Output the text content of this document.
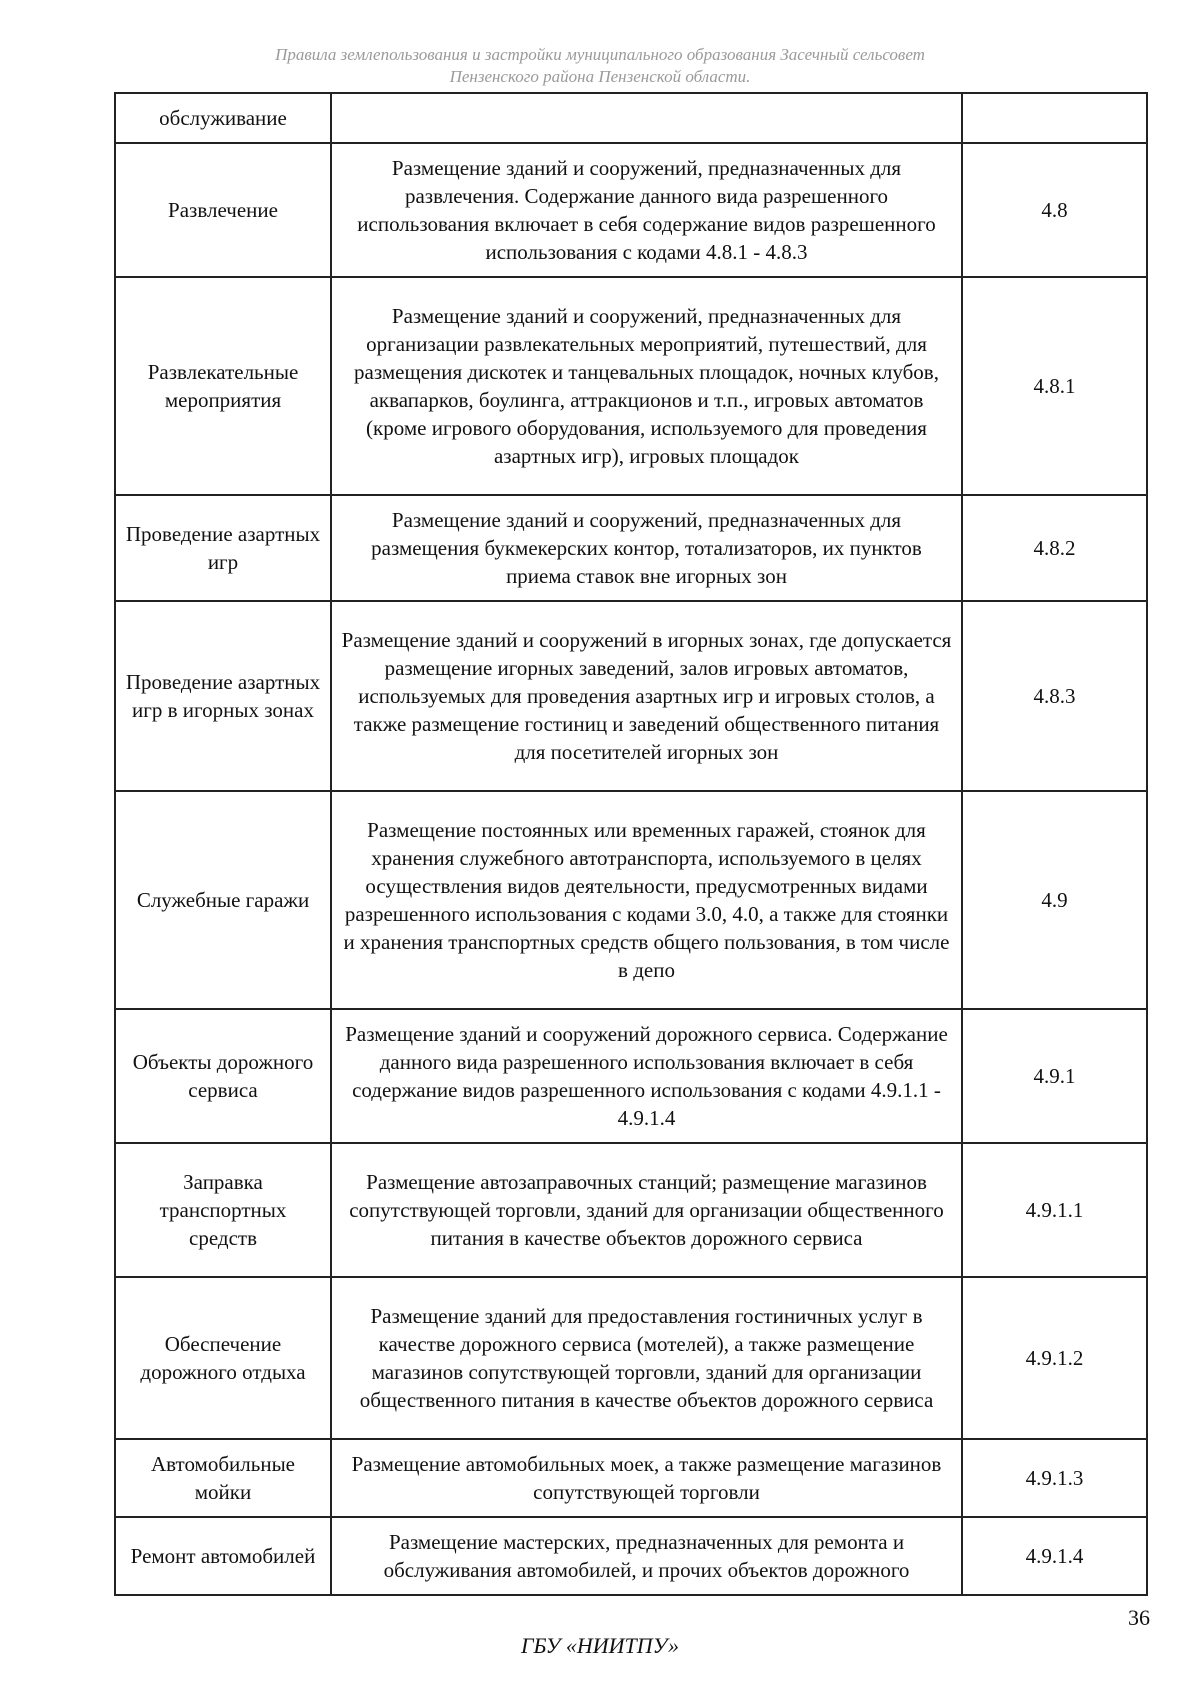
Правила землепользования и застройки муниципального образования Засечный сельсовет
Пензенского района Пензенской области.
обслуживание		
Развлечение	Размещение зданий и сооружений, предназначенных для развлечения. Содержание данного вида разрешенного использования включает в себя содержание видов разрешенного использования с кодами 4.8.1 - 4.8.3	4.8
Развлекательные мероприятия	Размещение зданий и сооружений, предназначенных для организации развлекательных мероприятий, путешествий, для размещения дискотек и танцевальных площадок, ночных клубов, аквапарков, боулинга, аттракционов и т.п., игровых автоматов (кроме игрового оборудования, используемого для проведения азартных игр), игровых площадок	4.8.1
Проведение азартных игр	Размещение зданий и сооружений, предназначенных для размещения букмекерских контор, тотализаторов, их пунктов приема ставок вне игорных зон	4.8.2
Проведение азартных игр в игорных зонах	Размещение зданий и сооружений в игорных зонах, где допускается размещение игорных заведений, залов игровых автоматов, используемых для проведения азартных игр и игровых столов, а также размещение гостиниц и заведений общественного питания для посетителей игорных зон	4.8.3
Служебные гаражи	Размещение постоянных или временных гаражей, стоянок для хранения служебного автотранспорта, используемого в целях осуществления видов деятельности, предусмотренных видами разрешенного использования с кодами 3.0, 4.0, а также для стоянки и хранения транспортных средств общего пользования, в том числе в депо	4.9
Объекты дорожного сервиса	Размещение зданий и сооружений дорожного сервиса. Содержание данного вида разрешенного использования включает в себя содержание видов разрешенного использования с кодами 4.9.1.1 - 4.9.1.4	4.9.1
Заправка транспортных средств	Размещение автозаправочных станций; размещение магазинов сопутствующей торговли, зданий для организации общественного питания в качестве объектов дорожного сервиса	4.9.1.1
Обеспечение дорожного отдыха	Размещение зданий для предоставления гостиничных услуг в качестве дорожного сервиса (мотелей), а также размещение магазинов сопутствующей торговли, зданий для организации общественного питания в качестве объектов дорожного сервиса	4.9.1.2
Автомобильные мойки	Размещение автомобильных моек, а также размещение магазинов сопутствующей торговли	4.9.1.3
Ремонт автомобилей	Размещение мастерских, предназначенных для ремонта и обслуживания автомобилей, и прочих объектов дорожного	4.9.1.4
36
ГБУ «НИИТПУ»
